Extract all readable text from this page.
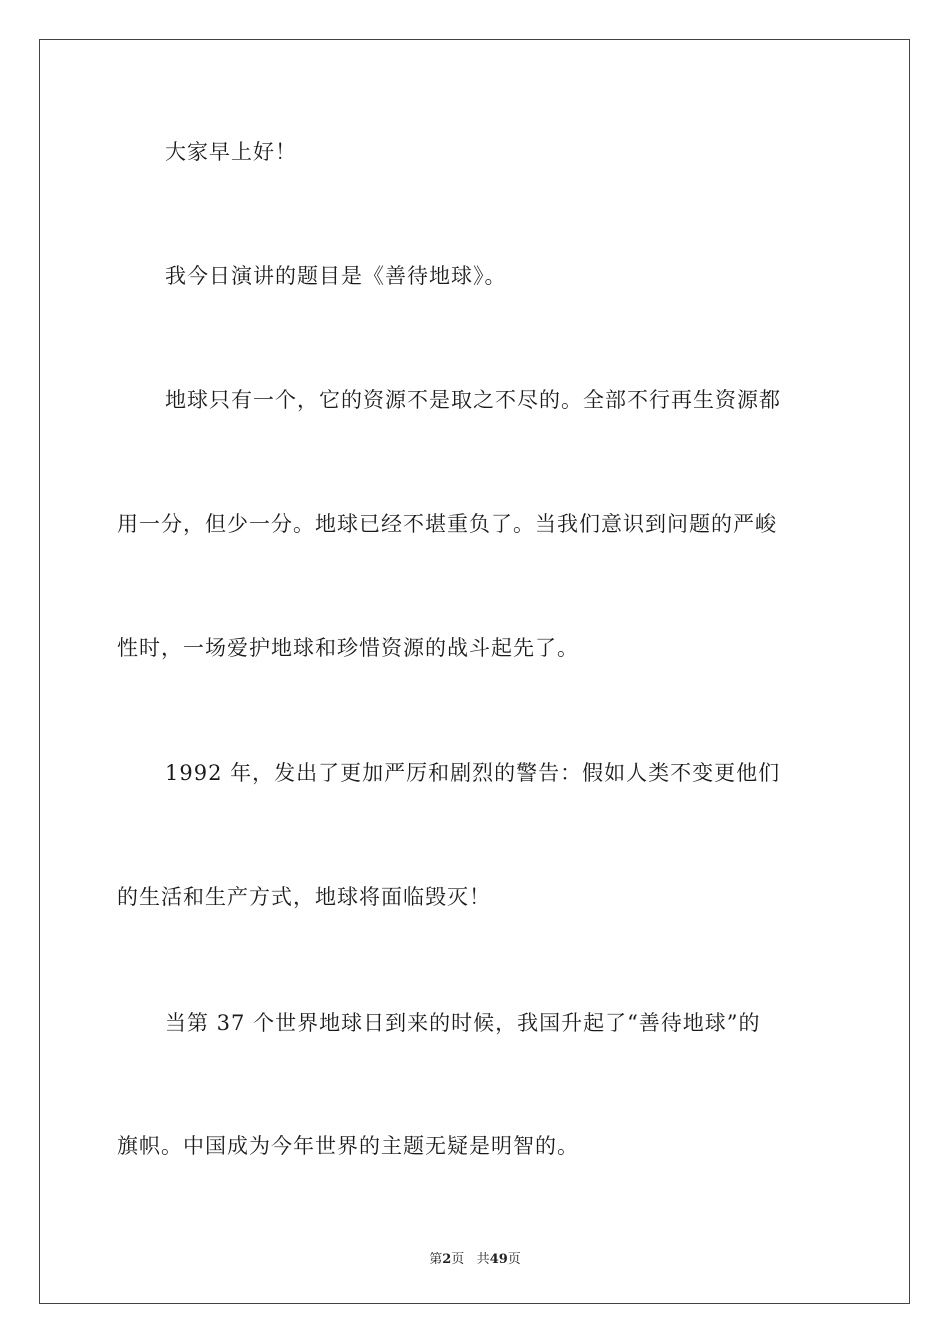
大家早上好！
我今日演讲的题目是《善待地球》。
地球只有一个，它的资源不是取之不尽的。全部不行再生资源都
用一分，但少一分。地球已经不堪重负了。当我们意识到问题的严峻
性时，一场爱护地球和珍惜资源的战斗起先了。
1992 年，发出了更加严厉和剧烈的警告：假如人类不变更他们
的生活和生产方式，地球将面临毁灭！
当第 37 个世界地球日到来的时候，我国升起了“善待地球”的
旗帜。中国成为今年世界的主题无疑是明智的。
第2页 共49页
